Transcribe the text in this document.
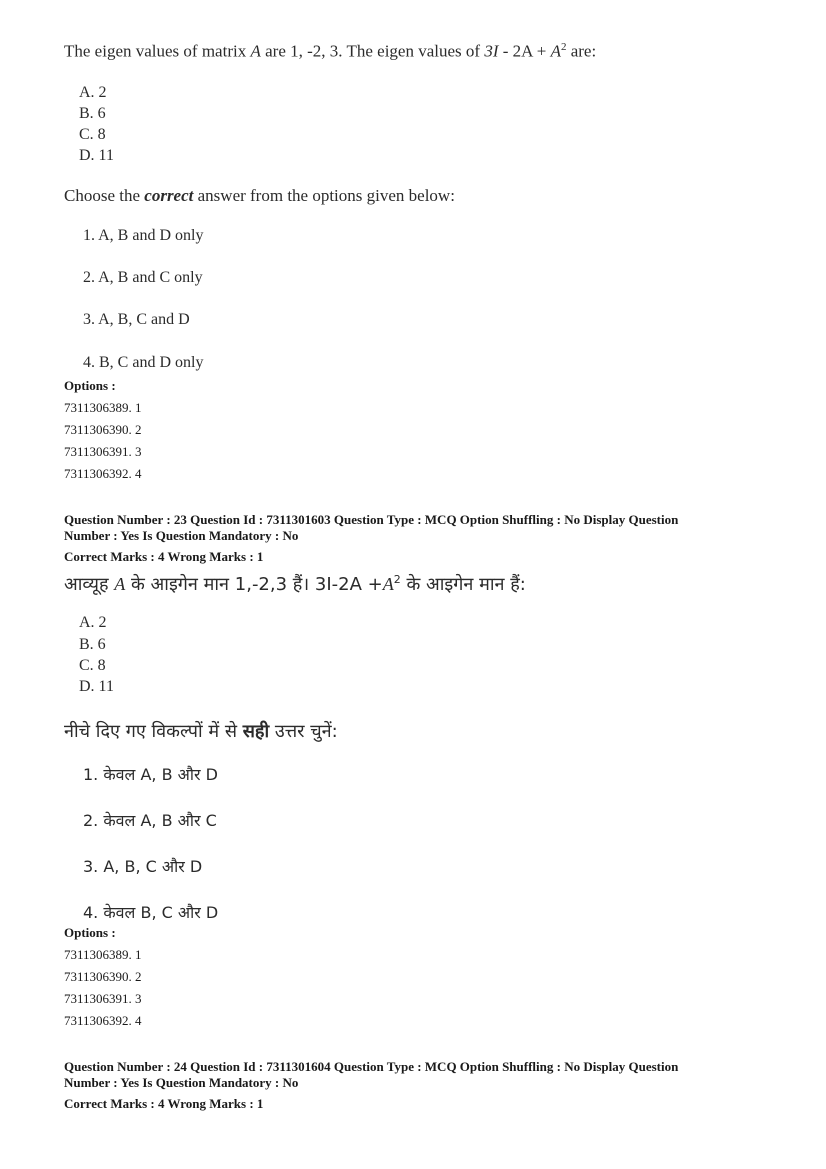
The eigen values of matrix A are 1, -2, 3. The eigen values of $3I - 2A + A^2$ are:
A. 2
B. 6
C. 8
D. 11
Choose the correct answer from the options given below:
1. A, B and D only
2. A, B and C only
3. A, B, C and D
4. B, C and D only
Options :
7311306389. 1
7311306390. 2
7311306391. 3
7311306392. 4
Question Number : 23 Question Id : 7311301603 Question Type : MCQ Option Shuffling : No Display Question
Number : Yes Is Question Mandatory : No
Correct Marks : 4 Wrong Marks : 1
आव्यूह A के आइगेन मान 1,-2,3 हैं। $3I-2A +A^2$ के आइगेन मान हैं:
A. 2
B. 6
C. 8
D. 11
नीचे दिए गए विकल्पों में से सही उत्तर चुनें:
1. केवल A, B और D
2. केवल A, B और C
3. A, B, C और D
4. केवल B, C और D
Options :
7311306389. 1
7311306390. 2
7311306391. 3
7311306392. 4
Question Number : 24 Question Id : 7311301604 Question Type : MCQ Option Shuffling : No Display Question
Number : Yes Is Question Mandatory : No
Correct Marks : 4 Wrong Marks : 1
